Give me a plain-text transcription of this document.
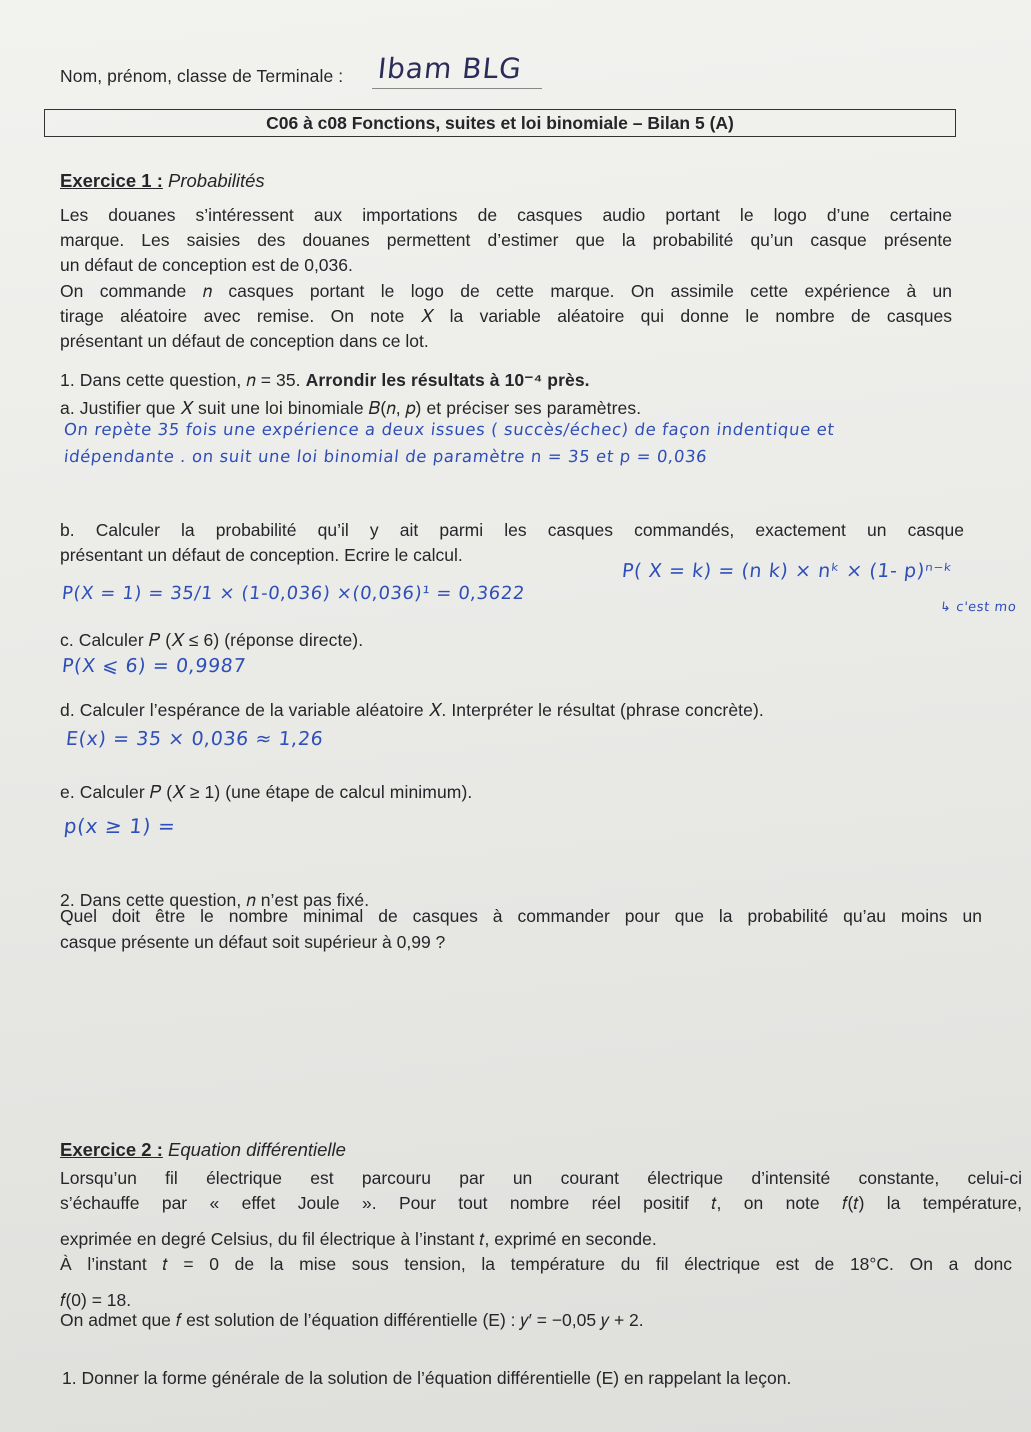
Nom, prénom, classe de Terminale : Ibam BLG
C06 à c08 Fonctions, suites et loi binomiale – Bilan 5 (A)
Exercice 1 : Probabilités
Les douanes s’intéressent aux importations de casques audio portant le logo d’une certaine
marque. Les saisies des douanes permettent d’estimer que la probabilité qu’un casque présente
un défaut de conception est de 0,036.
On commande 𝑛 casques portant le logo de cette marque. On assimile cette expérience à un
tirage aléatoire avec remise. On note 𝑋 la variable aléatoire qui donne le nombre de casques
présentant un défaut de conception dans ce lot.
1. Dans cette question, 𝑛 = 35. Arrondir les résultats à 10⁻⁴ près.
a. Justifier que 𝑋 suit une loi binomiale 𝐵(𝑛, 𝑝) et préciser ses paramètres.
On repète 35 fois une expérience a deux issues ( succès/échec) de façon indentique et
idépendante . on suit une loi binomial de paramètre n = 35 et p = 0,036
b. Calculer la probabilité qu’il y ait parmi les casques commandés, exactement un casque
présentant un défaut de conception. Ecrire le calcul.
P(X = 1) = 35/1 × (1-0,036) ×(0,036)¹ = 0,3622
P( X = k) = (n k) × nᵏ × (1- p)ⁿ⁻ᵏ
↳ c'est mo
c. Calculer 𝑃 (𝑋 ≤ 6) (réponse directe).
P(X ⩽ 6) = 0,9987
d. Calculer l’espérance de la variable aléatoire 𝑋. Interpréter le résultat (phrase concrète).
E(x) = 35 × 0,036 ≈ 1,26
e. Calculer 𝑃 (𝑋 ≥ 1) (une étape de calcul minimum).
p(x ≥ 1) =
2. Dans cette question, 𝑛 n’est pas fixé.
Quel doit être le nombre minimal de casques à commander pour que la probabilité qu’au moins un
casque présente un défaut soit supérieur à 0,99 ?
Exercice 2 : Equation différentielle
Lorsqu’un fil électrique est parcouru par un courant électrique d’intensité constante, celui-ci
s’échauffe par « effet Joule ». Pour tout nombre réel positif 𝑡, on note 𝑓(𝑡) la température,
exprimée en degré Celsius, du fil électrique à l’instant 𝑡, exprimé en seconde.
À l’instant 𝑡 = 0 de la mise sous tension, la température du fil électrique est de 18°C. On a donc
𝑓(0) = 18.
On admet que 𝑓 est solution de l’équation différentielle (E) : 𝑦′ = −0,05 𝑦 + 2.
1. Donner la forme générale de la solution de l’équation différentielle (E) en rappelant la leçon.
